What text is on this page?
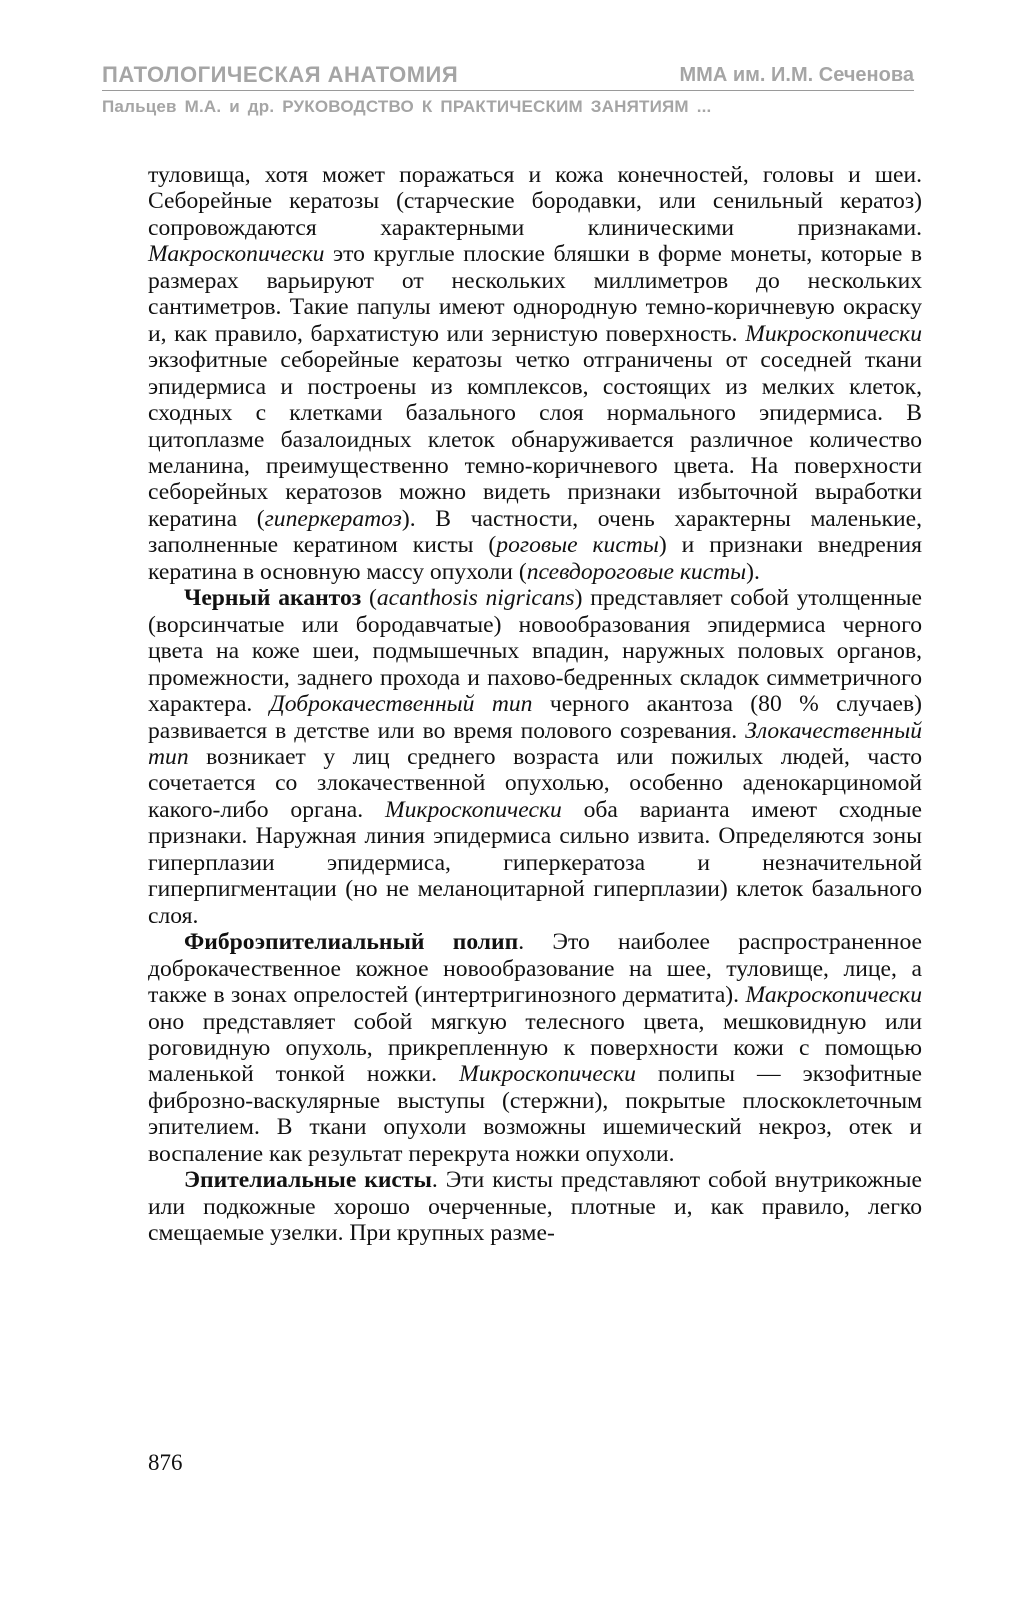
ПАТОЛОГИЧЕСКАЯ АНАТОМИЯ	ММА им. И.М. Сеченова
Пальцев М.А. и др. РУКОВОДСТВО К ПРАКТИЧЕСКИМ ЗАНЯТИЯМ ...

туловища, хотя может поражаться и кожа конечностей, головы и шеи. Себорейные кератозы (старческие бородавки, или сенильный кератоз) сопровождаются характерными клиническими признаками. Макроскопически это круглые плоские бляшки в форме монеты, которые в размерах варьируют от нескольких миллиметров до нескольких сантиметров. Такие папулы имеют однородную темно-коричневую окраску и, как правило, бархатистую или зернистую поверхность. Микроскопически экзофитные себорейные кератозы четко отграничены от соседней ткани эпидермиса и построены из комплексов, состоящих из мелких клеток, сходных с клетками базального слоя нормального эпидермиса. В цитоплазме базалоидных клеток обнаруживается различное количество меланина, преимущественно темно-коричневого цвета. На поверхности себорейных кератозов можно видеть признаки избыточной выработки кератина (гиперкератоз). В частности, очень характерны маленькие, заполненные кератином кисты (роговые кисты) и признаки внедрения кератина в основную массу опухоли (псевдороговые кисты).

Черный акантоз (acanthosis nigricans) представляет собой утолщенные (ворсинчатые или бородавчатые) новообразования эпидермиса черного цвета на коже шеи, подмышечных впадин, наружных половых органов, промежности, заднего прохода и пахово-бедренных складок симметричного характера. Доброкачественный тип черного акантоза (80 % случаев) развивается в детстве или во время полового созревания. Злокачественный тип возникает у лиц среднего возраста или пожилых людей, часто сочетается со злокачественной опухолью, особенно аденокарциномой какого-либо органа. Микроскопически оба варианта имеют сходные признаки. Наружная линия эпидермиса сильно извита. Определяются зоны гиперплазии эпидермиса, гиперкератоза и незначительной гиперпигментации (но не меланоцитарной гиперплазии) клеток базального слоя.

Фиброэпителиальный полип. Это наиболее распространенное доброкачественное кожное новообразование на шее, туловище, лице, а также в зонах опрелостей (интертригинозного дерматита). Макроскопически оно представляет собой мягкую телесного цвета, мешковидную или роговидную опухоль, прикрепленную к поверхности кожи с помощью маленькой тонкой ножки. Микроскопически полипы — экзофитные фиброзно-васкулярные выступы (стержни), покрытые плоскоклеточным эпителием. В ткани опухоли возможны ишемический некроз, отек и воспаление как результат перекрута ножки опухоли.

Эпителиальные кисты. Эти кисты представляют собой внутрикожные или подкожные хорошо очерченные, плотные и, как правило, легко смещаемые узелки. При крупных разме-

876
